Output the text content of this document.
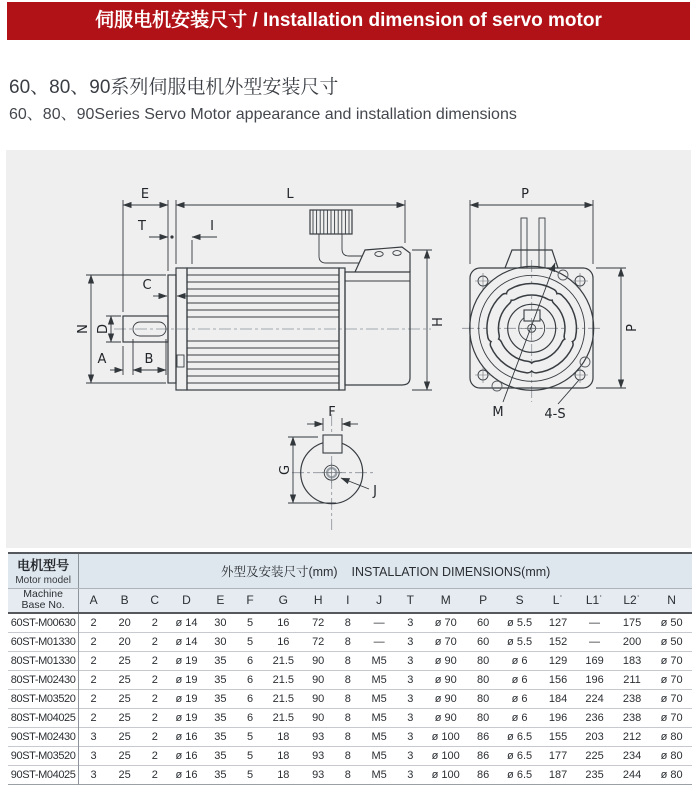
伺服电机安装尺寸 / Installation dimension of servo motor
60、80、90系列伺服电机外型安装尺寸
60、80、90Series Servo Motor appearance and installation dimensions
E	L
T	I
C
N D
A	B
H
P
M	4-S
P
F
G
J
电机型号
Motor model	外型及安装尺寸(mm)    INSTALLATION DIMENSIONS(mm)																	

Machine
Base No.	A	B	C	D	E	F	G	H	I	J	T	M	P	S	L˙	L1˙	L2˙	N
60ST-M00630	2	20	2	ø 14	30	5	16	72	8	—	3	ø 70	60	ø 5.5	127	—	175	ø 50
60ST-M01330	2	20	2	ø 14	30	5	16	72	8	—	3	ø 70	60	ø 5.5	152	—	200	ø 50
80ST-M01330	2	25	2	ø 19	35	6	21.5	90	8	M5	3	ø 90	80	ø 6	129	169	183	ø 70
80ST-M02430	2	25	2	ø 19	35	6	21.5	90	8	M5	3	ø 90	80	ø 6	156	196	211	ø 70
80ST-M03520	2	25	2	ø 19	35	6	21.5	90	8	M5	3	ø 90	80	ø 6	184	224	238	ø 70
80ST-M04025	2	25	2	ø 19	35	6	21.5	90	8	M5	3	ø 90	80	ø 6	196	236	238	ø 70
90ST-M02430	3	25	2	ø 16	35	5	18	93	8	M5	3	ø 100	86	ø 6.5	155	203	212	ø 80
90ST-M03520	3	25	2	ø 16	35	5	18	93	8	M5	3	ø 100	86	ø 6.5	177	225	234	ø 80
90ST-M04025	3	25	2	ø 16	35	5	18	93	8	M5	3	ø 100	86	ø 6.5	187	235	244	ø 80
